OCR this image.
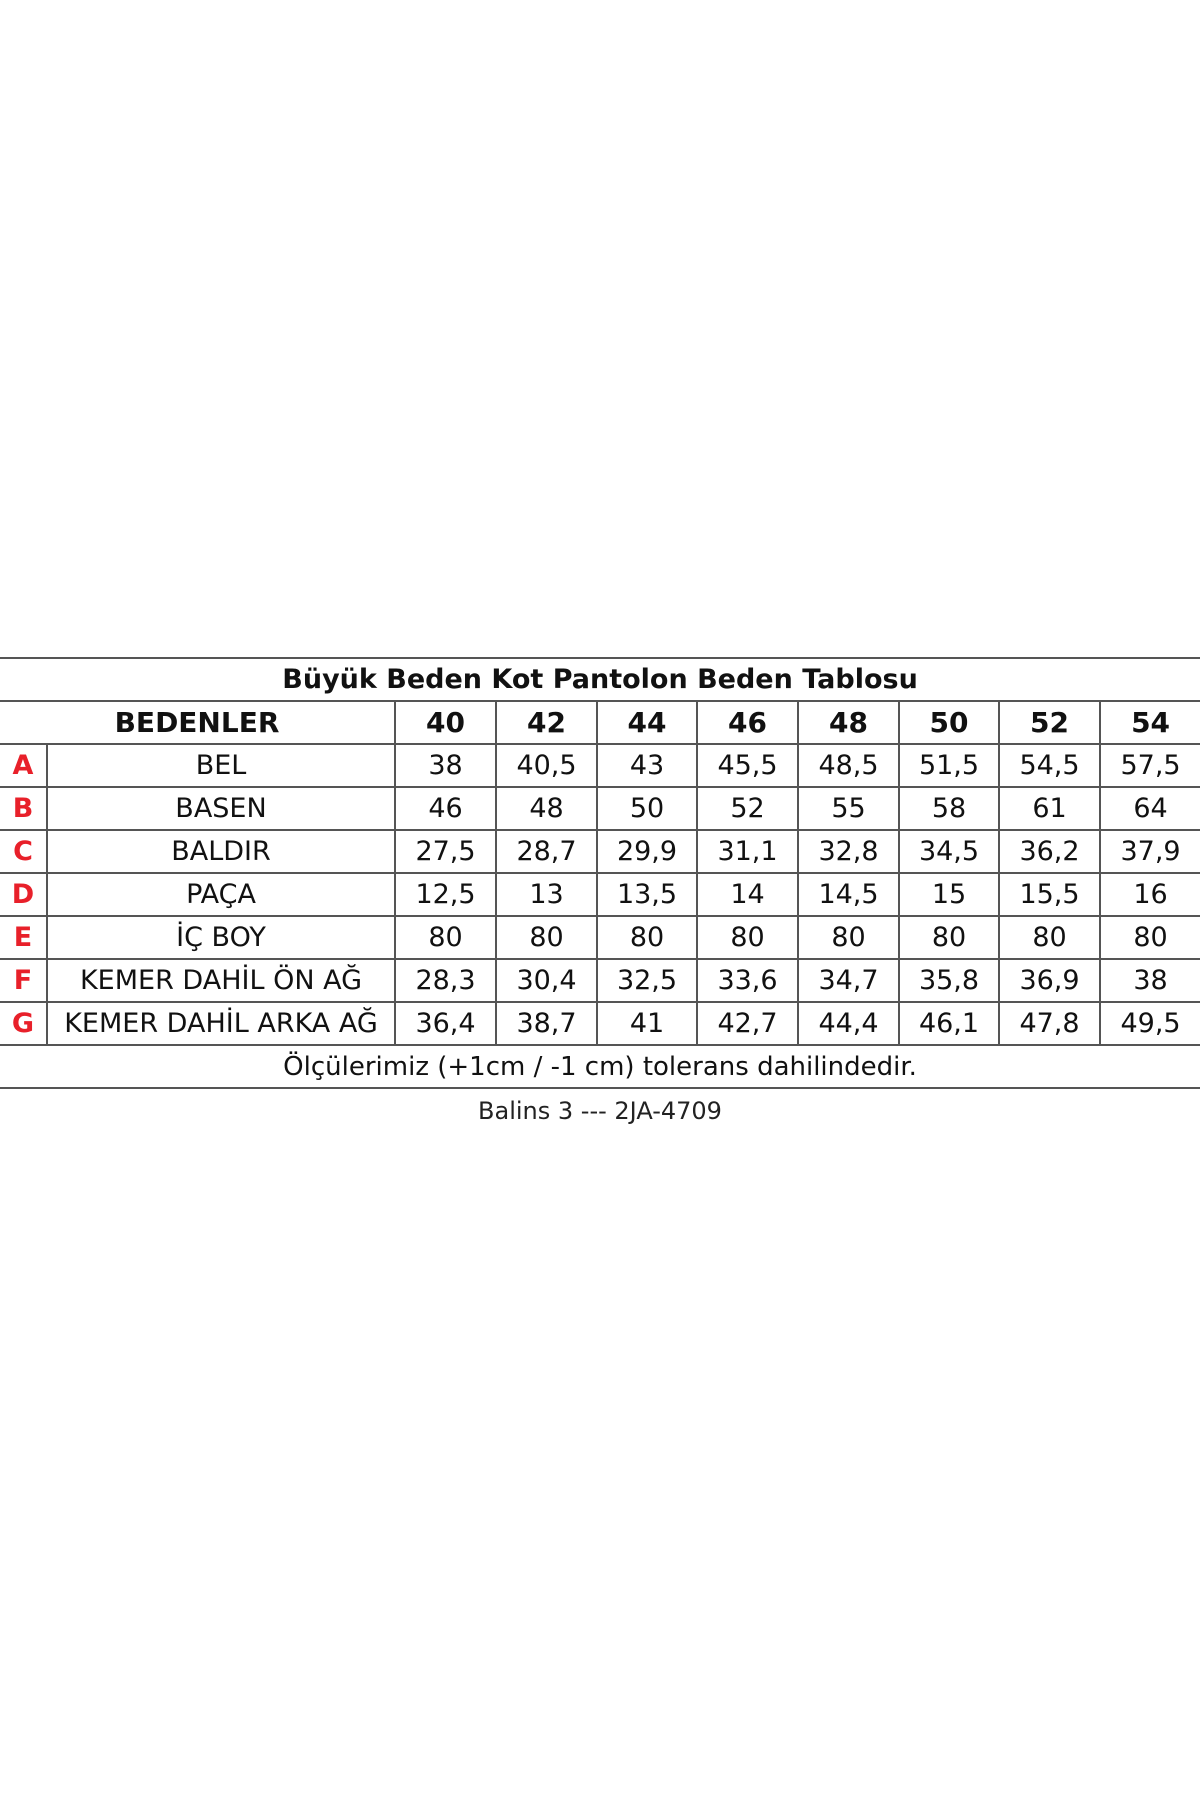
Büyük Beden Kot Pantolon Beden Tablosu									
BEDENLER		40	42	44	46	48	50	52	54
A	BEL	38	40,5	43	45,5	48,5	51,5	54,5	57,5
B	BASEN	46	48	50	52	55	58	61	64
C	BALDIR	27,5	28,7	29,9	31,1	32,8	34,5	36,2	37,9
D	PAÇA	12,5	13	13,5	14	14,5	15	15,5	16
E	İÇ BOY	80	80	80	80	80	80	80	80
F	KEMER DAHİL ÖN AĞ	28,3	30,4	32,5	33,6	34,7	35,8	36,9	38
G	KEMER DAHİL ARKA AĞ	36,4	38,7	41	42,7	44,4	46,1	47,8	49,5
Ölçülerimiz (+1cm / -1 cm) tolerans dahilindedir.									
Balins 3 --- 2JA-4709
